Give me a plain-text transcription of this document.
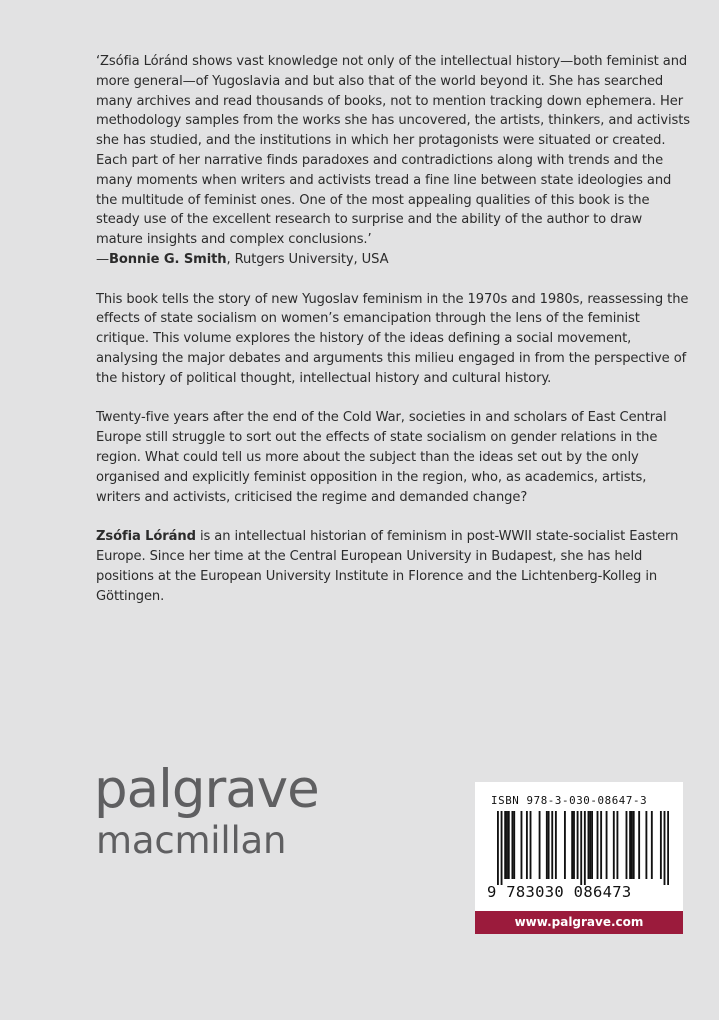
‘Zsófia Lóránd shows vast knowledge not only of the intellectual history—both feminist and more general—of Yugoslavia and but also that of the world beyond it. She has searched many archives and read thousands of books, not to mention tracking down ephemera. Her methodology samples from the works she has uncovered, the artists, thinkers, and activists she has studied, and the institutions in which her protagonists were situated or created. Each part of her narrative finds paradoxes and contradictions along with trends and the many moments when writers and activists tread a fine line between state ideologies and the multitude of feminist ones. One of the most appealing qualities of this book is the steady use of the excellent research to surprise and the ability of the author to draw mature insights and complex conclusions.’
—Bonnie G. Smith, Rutgers University, USA

This book tells the story of new Yugoslav feminism in the 1970s and 1980s, reassessing the effects of state socialism on women’s emancipation through the lens of the feminist critique. This volume explores the history of the ideas defining a social movement, analysing the major debates and arguments this milieu engaged in from the perspective of the history of political thought, intellectual history and cultural history.

Twenty-five years after the end of the Cold War, societies in and scholars of East Central Europe still struggle to sort out the effects of state socialism on gender relations in the region. What could tell us more about the subject than the ideas set out by the only organised and explicitly feminist opposition in the region, who, as academics, artists, writers and activists, criticised the regime and demanded change?

Zsófia Lóránd is an intellectual historian of feminism in post-WWII state-socialist Eastern Europe. Since her time at the Central European University in Budapest, she has held positions at the European University Institute in Florence and the Lichtenberg-Kolleg in Göttingen.

palgrave
macmillan
ISBN 978-3-030-08647-3
9 783030 086473
www.palgrave.com
